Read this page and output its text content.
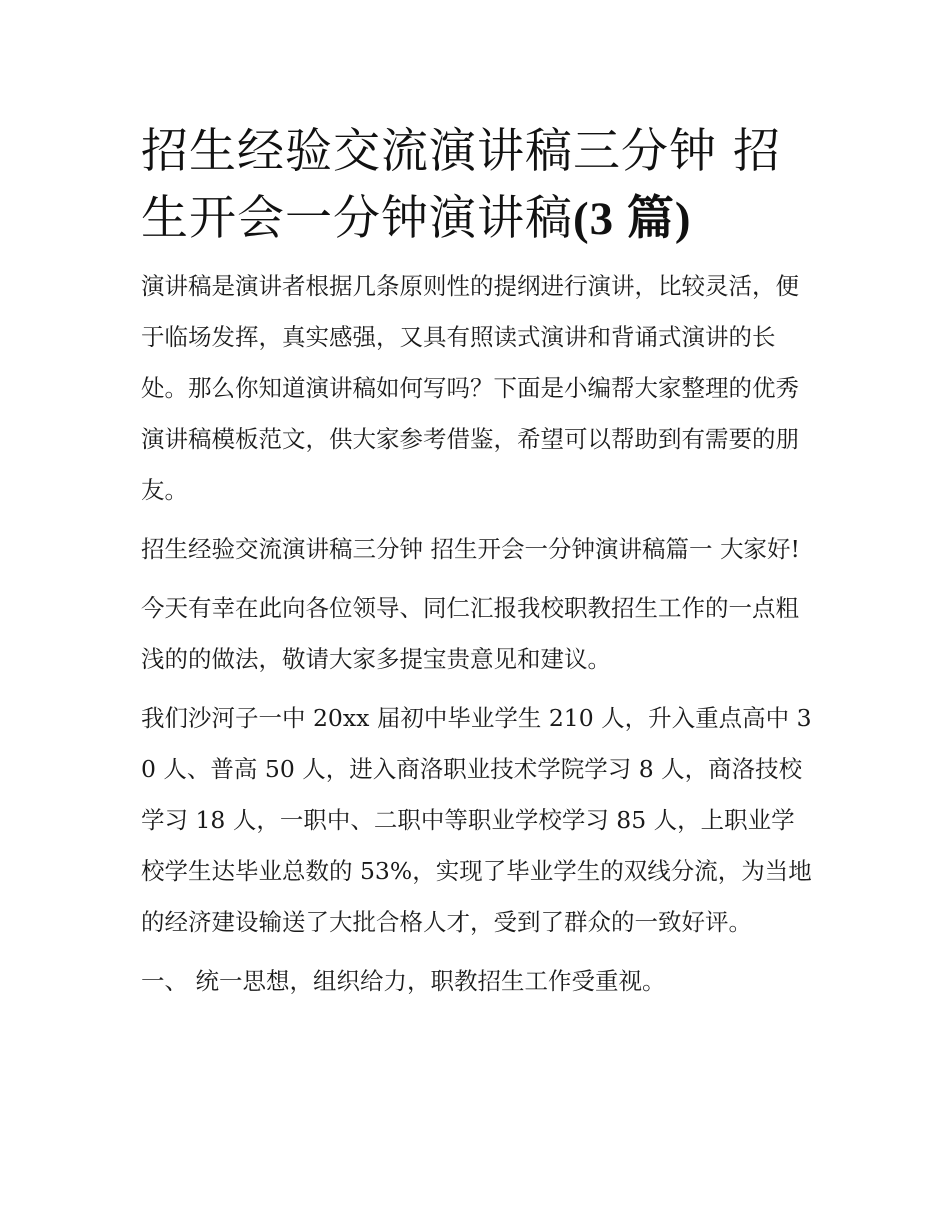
招生经验交流演讲稿三分钟 招生开会一分钟演讲稿(3 篇)

演讲稿是演讲者根据几条原则性的提纲进行演讲，比较灵活，便于临场发挥，真实感强，又具有照读式演讲和背诵式演讲的长处。那么你知道演讲稿如何写吗？下面是小编帮大家整理的优秀演讲稿模板范文，供大家参考借鉴，希望可以帮助到有需要的朋友。

招生经验交流演讲稿三分钟 招生开会一分钟演讲稿篇一 大家好!

今天有幸在此向各位领导、同仁汇报我校职教招生工作的一点粗浅的的做法，敬请大家多提宝贵意见和建议。

我们沙河子一中 20xx 届初中毕业学生 210 人，升入重点高中 30 人、普高 50 人，进入商洛职业技术学院学习 8 人，商洛技校学习 18 人，一职中、二职中等职业学校学习 85 人，上职业学校学生达毕业总数的 53%，实现了毕业学生的双线分流，为当地的经济建设输送了大批合格人才，受到了群众的一致好评。

一、 统一思想，组织给力，职教招生工作受重视。
